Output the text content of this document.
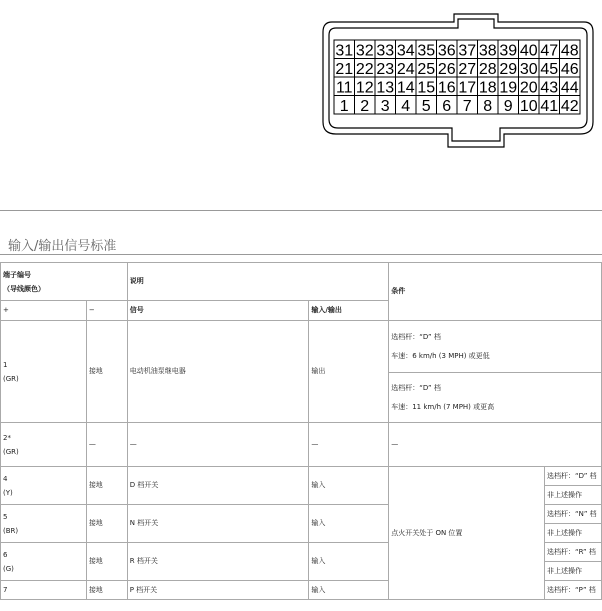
31 32 33 34 35 36 37 38 39 40 47 48
21 22 23 24 25 26 27 28 29 30 45 46
11 12 13 14 15 16 17 18 19 20 43 44
1 2 3 4 5 6 7 8 9 10 41 42
输入/输出信号标准
端子编号
（导线颜色）		说明		条件	
+	−	信号	输入/输出		

1
(GR)	接地	电动机油泵继电器	输出	选档杆：“D” 档
车速：6 km/h (3 MPH) 或更低	

				选档杆：“D” 档
车速：11 km/h (7 MPH) 或更高	

2*
(GR)	—	—	—	—	

4
(Y)	接地	D 档开关	输入	点火开关处于 ON 位置	选档杆：“D” 档
					非上述操作

5
(BR)	接地	N 档开关	输入		选档杆：“N” 档
					非上述操作

6
(G)	接地	R 档开关	输入		选档杆：“R” 档
					非上述操作
7	接地	P 档开关	输入		选档杆：“P” 档
